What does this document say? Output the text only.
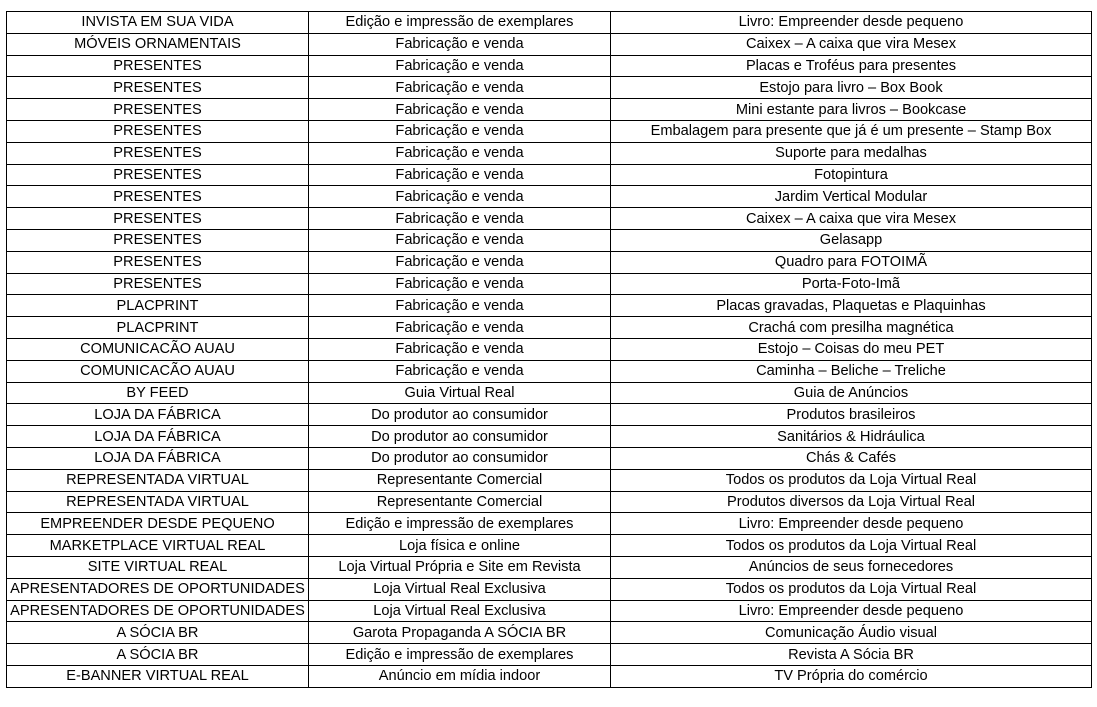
INVISTA EM SUA VIDA	Edição e impressão de exemplares	Livro: Empreender desde pequeno
MÓVEIS ORNAMENTAIS	Fabricação e venda	Caixex – A caixa que vira Mesex
PRESENTES	Fabricação e venda	Placas e Troféus para presentes
PRESENTES	Fabricação e venda	Estojo para livro – Box Book
PRESENTES	Fabricação e venda	Mini estante para livros – Bookcase
PRESENTES	Fabricação e venda	Embalagem para presente que já é um presente – Stamp Box
PRESENTES	Fabricação e venda	Suporte para medalhas
PRESENTES	Fabricação e venda	Fotopintura
PRESENTES	Fabricação e venda	Jardim Vertical Modular
PRESENTES	Fabricação e venda	Caixex – A caixa que vira Mesex
PRESENTES	Fabricação e venda	Gelasapp
PRESENTES	Fabricação e venda	Quadro para FOTOIMÃ
PRESENTES	Fabricação e venda	Porta-Foto-Imã
PLACPRINT	Fabricação e venda	Placas gravadas, Plaquetas e Plaquinhas
PLACPRINT	Fabricação e venda	Crachá com presilha magnética
COMUNICACÃO AUAU	Fabricação e venda	Estojo – Coisas do meu PET
COMUNICACÃO AUAU	Fabricação e venda	Caminha – Beliche – Treliche
BY FEED	Guia Virtual Real	Guia de Anúncios
LOJA DA FÁBRICA	Do produtor ao consumidor	Produtos brasileiros
LOJA DA FÁBRICA	Do produtor ao consumidor	Sanitários & Hidráulica
LOJA DA FÁBRICA	Do produtor ao consumidor	Chás & Cafés
REPRESENTADA VIRTUAL	Representante Comercial	Todos os produtos da Loja Virtual Real
REPRESENTADA VIRTUAL	Representante Comercial	Produtos diversos da Loja Virtual Real
EMPREENDER DESDE PEQUENO	Edição e impressão de exemplares	Livro: Empreender desde pequeno
MARKETPLACE VIRTUAL REAL	Loja física e online	Todos os produtos da Loja Virtual Real
SITE VIRTUAL REAL	Loja Virtual Própria e Site em Revista	Anúncios de seus fornecedores
APRESENTADORES DE OPORTUNIDADES	Loja Virtual Real Exclusiva	Todos os produtos da Loja Virtual Real
APRESENTADORES DE OPORTUNIDADES	Loja Virtual Real Exclusiva	Livro: Empreender desde pequeno
A SÓCIA BR	Garota Propaganda A SÓCIA BR	Comunicação Áudio visual
A SÓCIA BR	Edição e impressão de exemplares	Revista A Sócia BR
E-BANNER VIRTUAL REAL	Anúncio em mídia indoor	TV Própria do comércio
